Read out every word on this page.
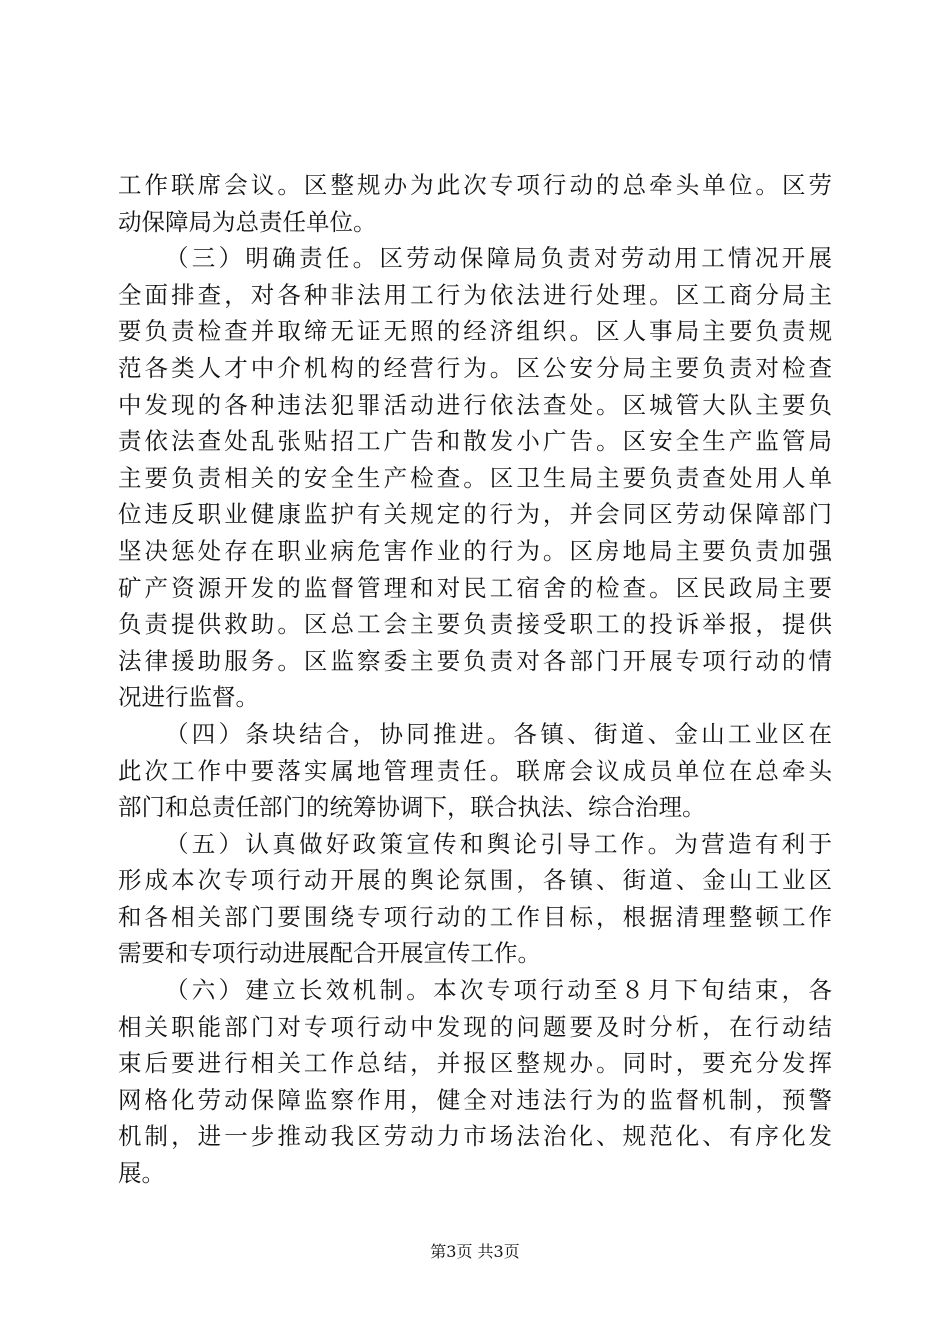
工作联席会议。区整规办为此次专项行动的总牵头单位。区劳
动保障局为总责任单位。
（三）明确责任。区劳动保障局负责对劳动用工情况开展
全面排查，对各种非法用工行为依法进行处理。区工商分局主
要负责检查并取缔无证无照的经济组织。区人事局主要负责规
范各类人才中介机构的经营行为。区公安分局主要负责对检查
中发现的各种违法犯罪活动进行依法查处。区城管大队主要负
责依法查处乱张贴招工广告和散发小广告。区安全生产监管局
主要负责相关的安全生产检查。区卫生局主要负责查处用人单
位违反职业健康监护有关规定的行为，并会同区劳动保障部门
坚决惩处存在职业病危害作业的行为。区房地局主要负责加强
矿产资源开发的监督管理和对民工宿舍的检查。区民政局主要
负责提供救助。区总工会主要负责接受职工的投诉举报，提供
法律援助服务。区监察委主要负责对各部门开展专项行动的情
况进行监督。
（四）条块结合，协同推进。各镇、街道、金山工业区在
此次工作中要落实属地管理责任。联席会议成员单位在总牵头
部门和总责任部门的统筹协调下，联合执法、综合治理。
（五）认真做好政策宣传和舆论引导工作。为营造有利于
形成本次专项行动开展的舆论氛围，各镇、街道、金山工业区
和各相关部门要围绕专项行动的工作目标，根据清理整顿工作
需要和专项行动进展配合开展宣传工作。
（六）建立长效机制。本次专项行动至８月下旬结束，各
相关职能部门对专项行动中发现的问题要及时分析，在行动结
束后要进行相关工作总结，并报区整规办。同时，要充分发挥
网格化劳动保障监察作用，健全对违法行为的监督机制，预警
机制，进一步推动我区劳动力市场法治化、规范化、有序化发
展。
第3页 共3页
